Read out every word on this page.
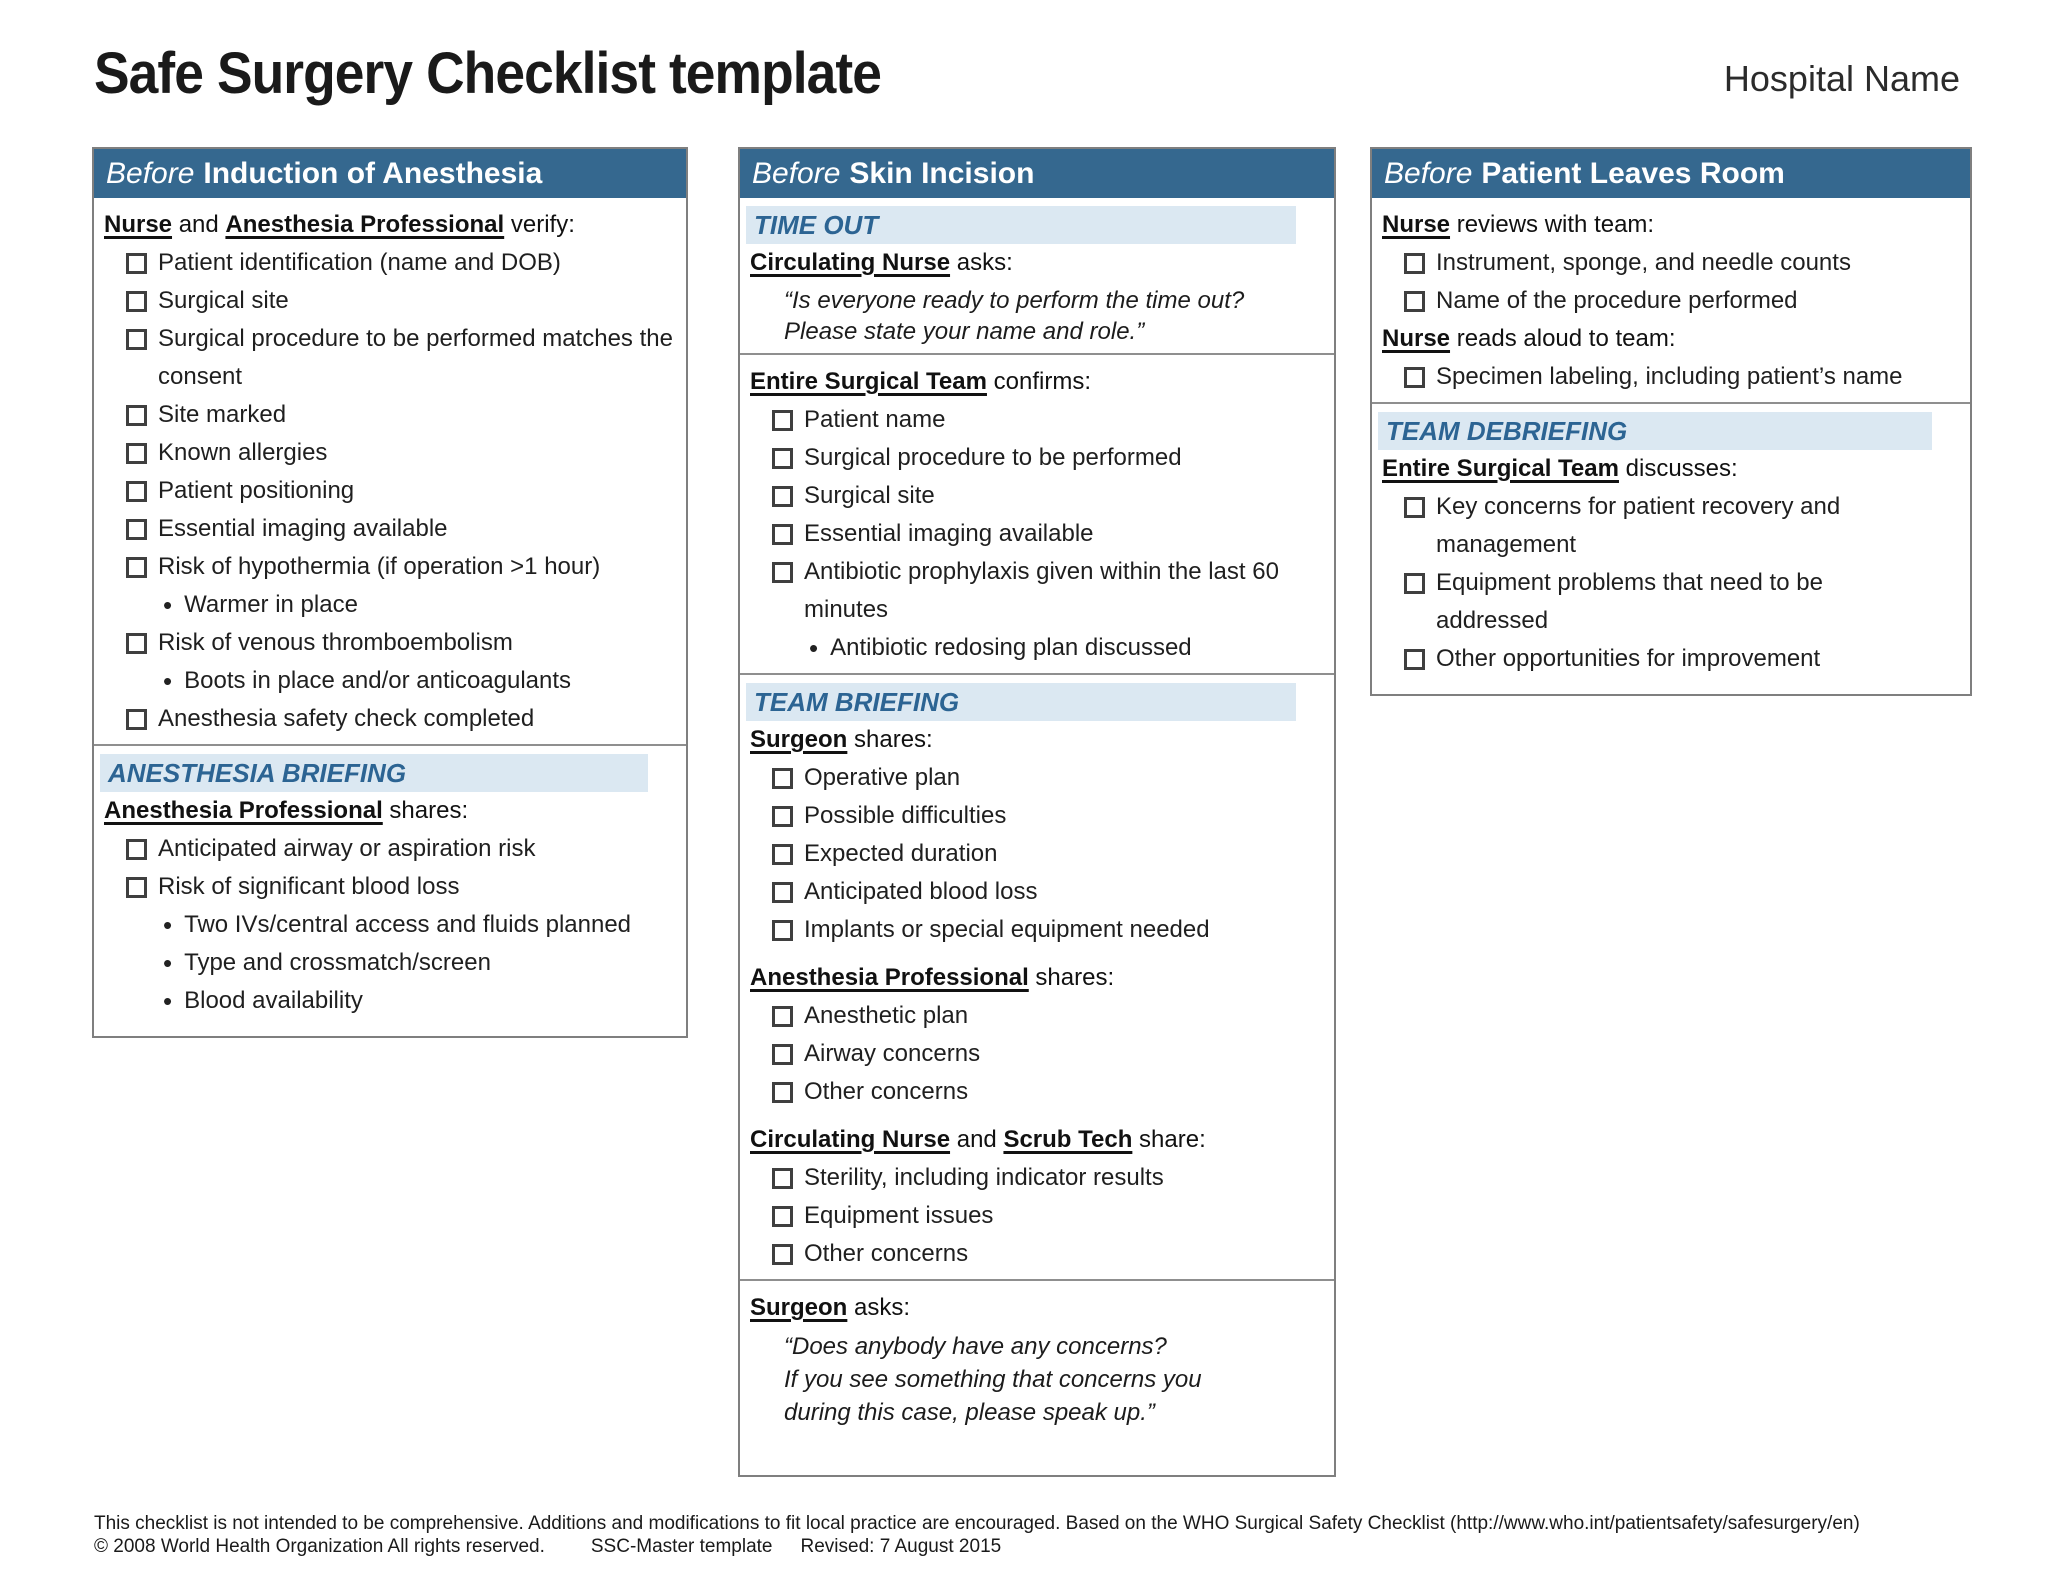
Safe Surgery Checklist template	Hospital Name
Before Induction of Anesthesia
Nurse and Anesthesia Professional verify:
Patient identification (name and DOB)
Surgical site
Surgical procedure to be performed matches the consent
Site marked
Known allergies
Patient positioning
Essential imaging available
Risk of hypothermia (if operation >1 hour)
• Warmer in place
Risk of venous thromboembolism
• Boots in place and/or anticoagulants
Anesthesia safety check completed
ANESTHESIA BRIEFING
Anesthesia Professional shares:
Anticipated airway or aspiration risk
Risk of significant blood loss
• Two IVs/central access and fluids planned
• Type and crossmatch/screen
• Blood availability
Before Skin Incision
TIME OUT
Circulating Nurse asks:
“Is everyone ready to perform the time out?
Please state your name and role.”
Entire Surgical Team confirms:
Patient name
Surgical procedure to be performed
Surgical site
Essential imaging available
Antibiotic prophylaxis given within the last 60 minutes
• Antibiotic redosing plan discussed
TEAM BRIEFING
Surgeon shares:
Operative plan
Possible difficulties
Expected duration
Anticipated blood loss
Implants or special equipment needed
Anesthesia Professional shares:
Anesthetic plan
Airway concerns
Other concerns
Circulating Nurse and Scrub Tech share:
Sterility, including indicator results
Equipment issues
Other concerns
Surgeon asks:
“Does anybody have any concerns?
If you see something that concerns you
during this case, please speak up.”
Before Patient Leaves Room
Nurse reviews with team:
Instrument, sponge, and needle counts
Name of the procedure performed
Nurse reads aloud to team:
Specimen labeling, including patient’s name
TEAM DEBRIEFING
Entire Surgical Team discusses:
Key concerns for patient recovery and management
Equipment problems that need to be addressed
Other opportunities for improvement
This checklist is not intended to be comprehensive. Additions and modifications to fit local practice are encouraged. Based on the WHO Surgical Safety Checklist (http://www.who.int/patientsafety/safesurgery/en)
© 2008 World Health Organization All rights reserved. SSC-Master template Revised: 7 August 2015
